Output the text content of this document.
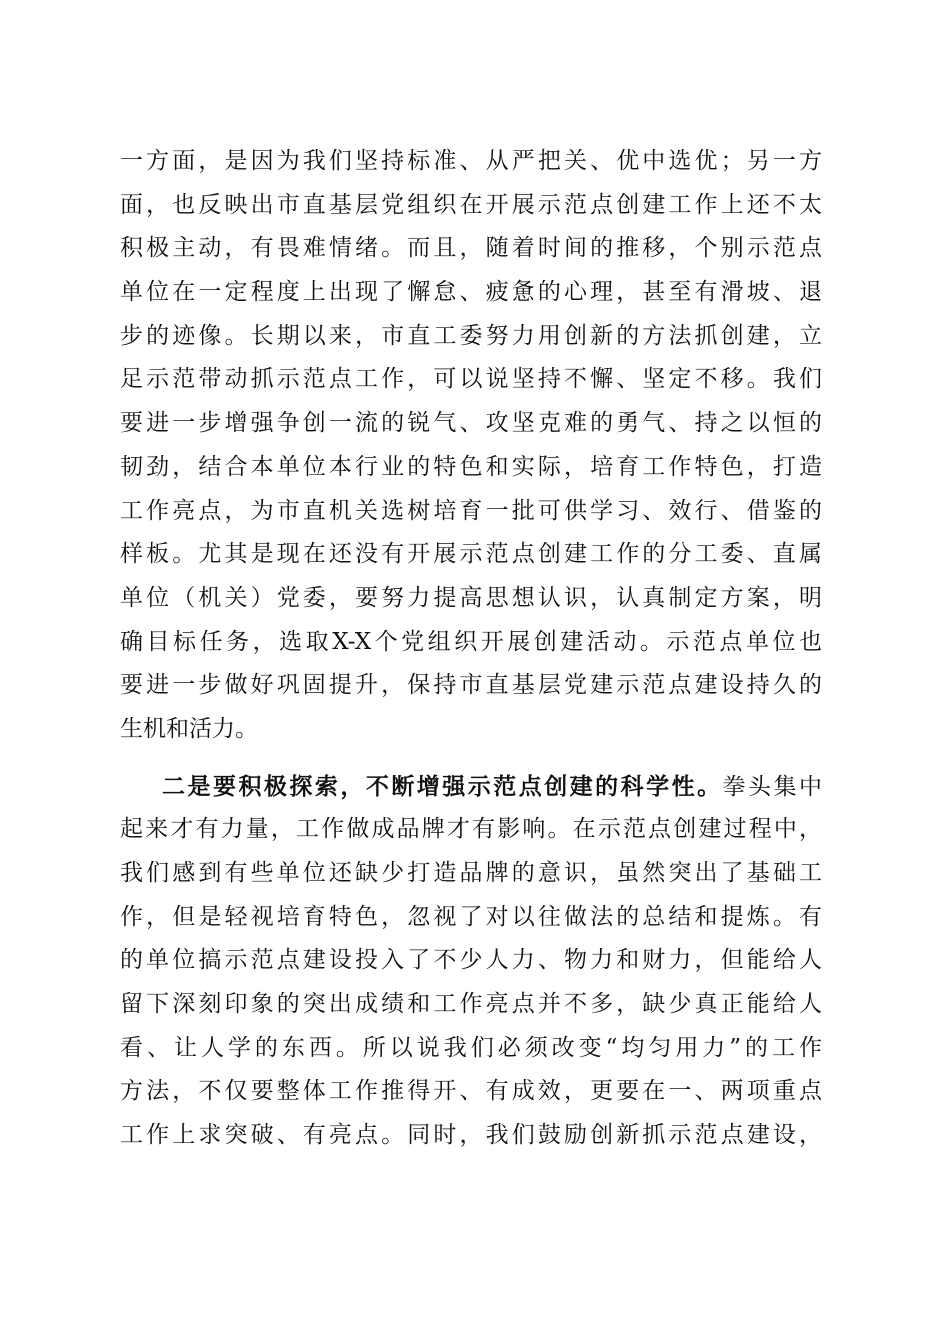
一方面，是因为我们坚持标准、从严把关、优中选优；另一方
面，也反映出市直基层党组织在开展示范点创建工作上还不太
积极主动，有畏难情绪。而且，随着时间的推移，个别示范点
单位在一定程度上出现了懈怠、疲惫的心理，甚至有滑坡、退
步的迹像。长期以来，市直工委努力用创新的方法抓创建，立
足示范带动抓示范点工作，可以说坚持不懈、坚定不移。我们
要进一步增强争创一流的锐气、攻坚克难的勇气、持之以恒的
韧劲，结合本单位本行业的特色和实际，培育工作特色，打造
工作亮点，为市直机关选树培育一批可供学习、效行、借鉴的
样板。尤其是现在还没有开展示范点创建工作的分工委、直属
单位（机关）党委，要努力提高思想认识，认真制定方案，明
确目标任务，选取X-X个党组织开展创建活动。示范点单位也
要进一步做好巩固提升，保持市直基层党建示范点建设持久的
生机和活力。
二是要积极探索，不断增强示范点创建的科学性。拳头集中
起来才有力量，工作做成品牌才有影响。在示范点创建过程中，
我们感到有些单位还缺少打造品牌的意识，虽然突出了基础工
作，但是轻视培育特色，忽视了对以往做法的总结和提炼。有
的单位搞示范点建设投入了不少人力、物力和财力，但能给人
留下深刻印象的突出成绩和工作亮点并不多，缺少真正能给人
看、让人学的东西。所以说我们必须改变“均匀用力”的工作
方法，不仅要整体工作推得开、有成效，更要在一、两项重点
工作上求突破、有亮点。同时，我们鼓励创新抓示范点建设，
